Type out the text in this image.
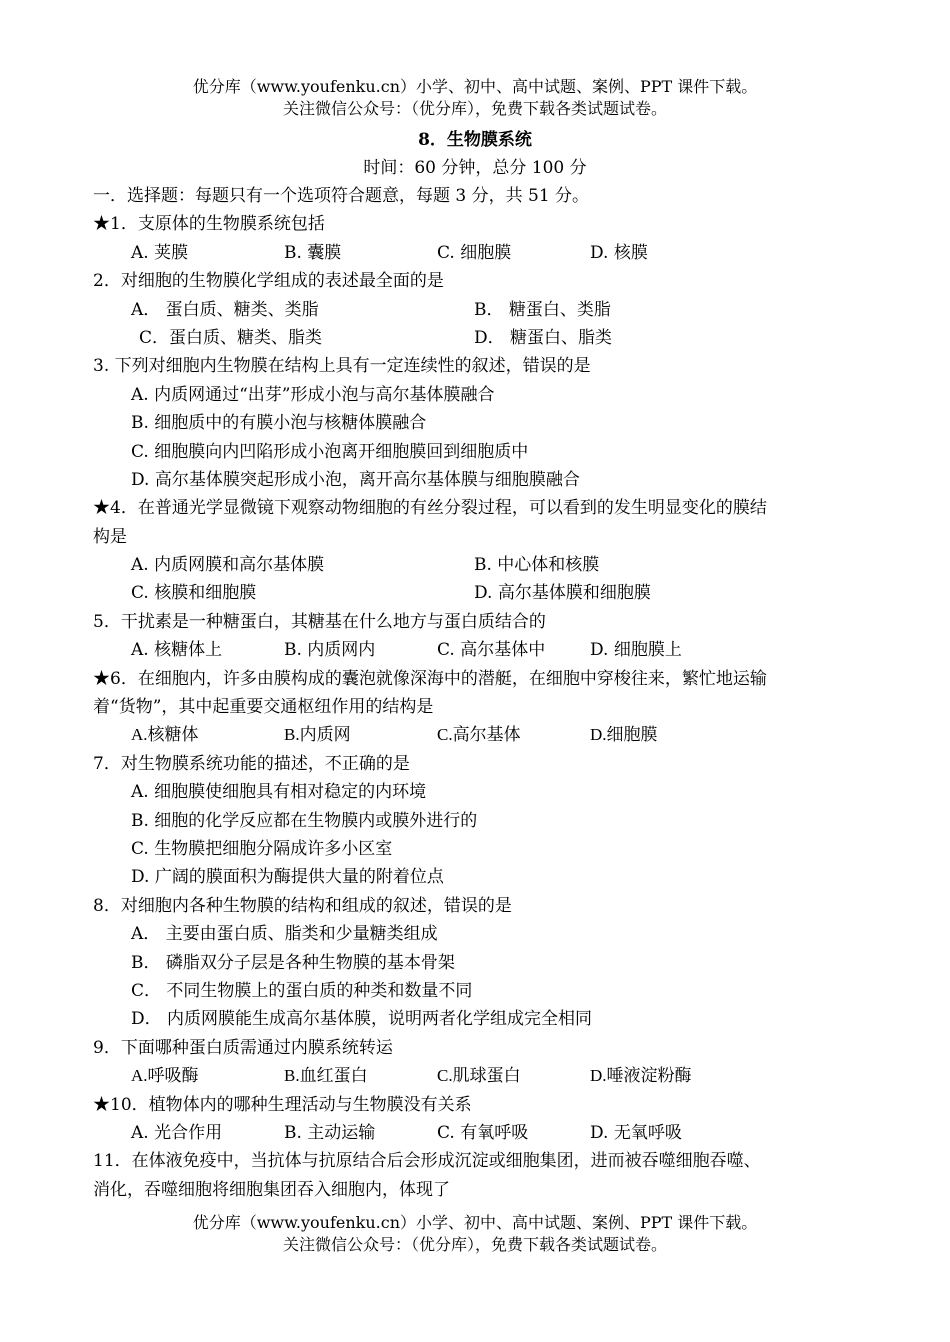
优分库（www.youfenku.cn）小学、初中、高中试题、案例、PPT 课件下载。
关注微信公众号：（优分库），免费下载各类试题试卷。
8．生物膜系统
时间：60 分钟，总分 100 分
一．选择题：每题只有一个选项符合题意，每题 3 分，共 51 分。
★1．支原体的生物膜系统包括
A. 荚膜	B. 囊膜	C. 细胞膜	D. 核膜
2．对细胞的生物膜化学组成的表述最全面的是
A． 蛋白质、糖类、类脂	B． 糖蛋白、类脂
C．蛋白质、糖类、脂类	D． 糖蛋白、脂类
3. 下列对细胞内生物膜在结构上具有一定连续性的叙述，错误的是
A. 内质网通过“出芽”形成小泡与高尔基体膜融合
B. 细胞质中的有膜小泡与核糖体膜融合
C. 细胞膜向内凹陷形成小泡离开细胞膜回到细胞质中
D. 高尔基体膜突起形成小泡，离开高尔基体膜与细胞膜融合
★4．在普通光学显微镜下观察动物细胞的有丝分裂过程，可以看到的发生明显变化的膜结
构是
A. 内质网膜和高尔基体膜	B. 中心体和核膜
C. 核膜和细胞膜	D. 高尔基体膜和细胞膜
5．干扰素是一种糖蛋白，其糖基在什么地方与蛋白质结合的
A. 核糖体上	B. 内质网内	C. 高尔基体中	D. 细胞膜上
★6．在细胞内，许多由膜构成的囊泡就像深海中的潜艇，在细胞中穿梭往来，繁忙地运输
着“货物”，其中起重要交通枢纽作用的结构是
A.核糖体	B.内质网	C.高尔基体	D.细胞膜
7．对生物膜系统功能的描述，不正确的是
A. 细胞膜使细胞具有相对稳定的内环境
B. 细胞的化学反应都在生物膜内或膜外进行的
C. 生物膜把细胞分隔成许多小区室
D. 广阔的膜面积为酶提供大量的附着位点
8．对细胞内各种生物膜的结构和组成的叙述，错误的是
A． 主要由蛋白质、脂类和少量糖类组成
B． 磷脂双分子层是各种生物膜的基本骨架
C． 不同生物膜上的蛋白质的种类和数量不同
D． 内质网膜能生成高尔基体膜，说明两者化学组成完全相同
9．下面哪种蛋白质需通过内膜系统转运
A.呼吸酶	B.血红蛋白	C.肌球蛋白	D.唾液淀粉酶
★10．植物体内的哪种生理活动与生物膜没有关系
A. 光合作用	B. 主动运输	C. 有氧呼吸	D. 无氧呼吸
11．在体液免疫中，当抗体与抗原结合后会形成沉淀或细胞集团，进而被吞噬细胞吞噬、
消化，吞噬细胞将细胞集团吞入细胞内，体现了
优分库（www.youfenku.cn）小学、初中、高中试题、案例、PPT 课件下载。
关注微信公众号：（优分库），免费下载各类试题试卷。
